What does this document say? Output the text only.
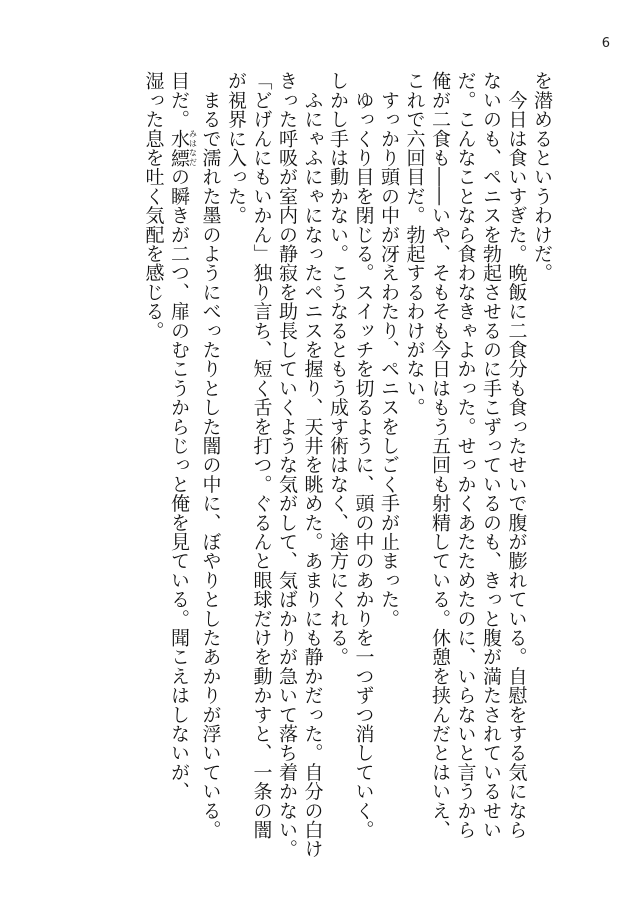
6
を潜めるというわけだ。
　今日は食いすぎた。晩飯に二食分も食ったせいで腹が膨れている。自慰をする気になら
ないのも、ペニスを勃起させるのに手こずっているのも、きっと腹が満たされているせい
だ。こんなことなら食わなきゃよかった。せっかくあたためたのに、いらないと言うから
俺が二食も――いや、そもそも今日はもう五回も射精している。休憩を挟んだとはいえ、
これで六回目だ。勃起するわけがない。
　すっかり頭の中が冴えわたり、ペニスをしごく手が止まった。
　ゆっくり目を閉じる。スイッチを切るように、頭の中のあかりを一つずつ消していく。
しかし手は動かない。こうなるともう成す術はなく、途方にくれる。
　ふにゃふにゃになったペニスを握り、天井を眺めた。あまりにも静かだった。自分の白け
きった呼吸が室内の静寂を助長していくような気がして、気ばかりが急いて落ち着かない。
「どげんにもいかん」独り言ち、短く舌を打つ。ぐるんと眼球だけを動かすと、一条の闇
が視界に入った。
　まるで濡れた墨のようにべったりとした闇の中に、ぼやりとしたあかりが浮いている。
目だ。水縹みはなだの瞬きが二つ、扉のむこうからじっと俺を見ている。聞こえはしないが、
湿った息を吐く気配を感じる。
